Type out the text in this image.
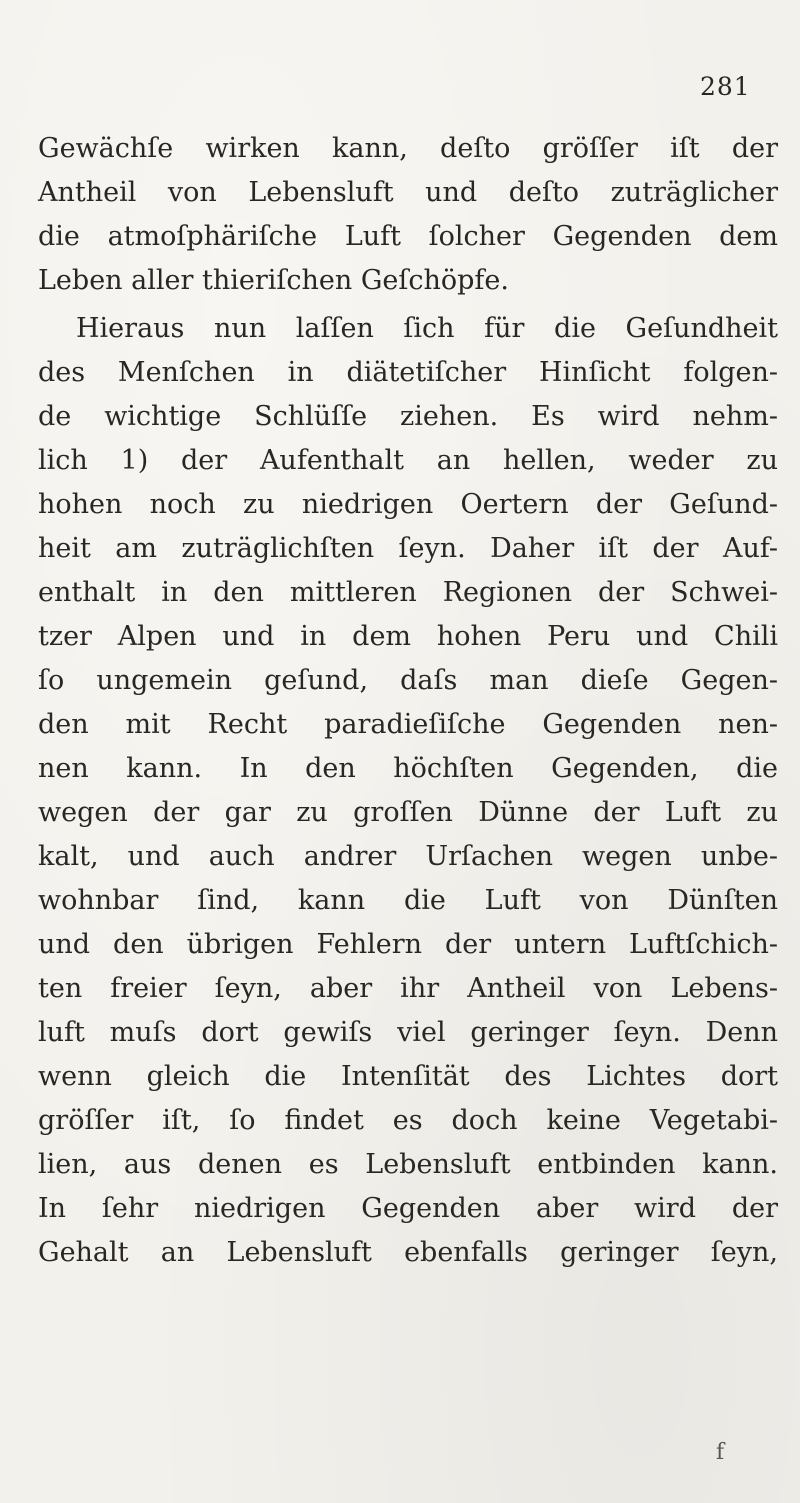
281
Gewächſe wirken kann, deſto gröſſer iſt der
Antheil von Lebensluft und deſto zuträglicher
die atmoſphäriſche Luft ſolcher Gegenden dem
Leben aller thieriſchen Geſchöpfe.
Hieraus nun laſſen ſich für die Geſundheit
des Menſchen in diätetiſcher Hinſicht folgen-
de wichtige Schlüſſe ziehen. Es wird nehm-
lich 1) der Aufenthalt an hellen, weder zu
hohen noch zu niedrigen Oertern der Geſund-
heit am zuträglichſten ſeyn. Daher iſt der Auf-
enthalt in den mittleren Regionen der Schwei-
tzer Alpen und in dem hohen Peru und Chili
ſo ungemein geſund, daſs man dieſe Gegen-
den mit Recht paradieſiſche Gegenden nen-
nen kann. In den höchſten Gegenden, die
wegen der gar zu groſſen Dünne der Luft zu
kalt, und auch andrer Urſachen wegen unbe-
wohnbar ſind, kann die Luft von Dünſten
und den übrigen Fehlern der untern Luftſchich-
ten freier ſeyn, aber ihr Antheil von Lebens-
luft muſs dort gewiſs viel geringer ſeyn. Denn
wenn gleich die Intenſität des Lichtes dort
gröſſer iſt, ſo findet es doch keine Vegetabi-
lien, aus denen es Lebensluft entbinden kann.
In ſehr niedrigen Gegenden aber wird der
Gehalt an Lebensluft ebenfalls geringer ſeyn,
f
